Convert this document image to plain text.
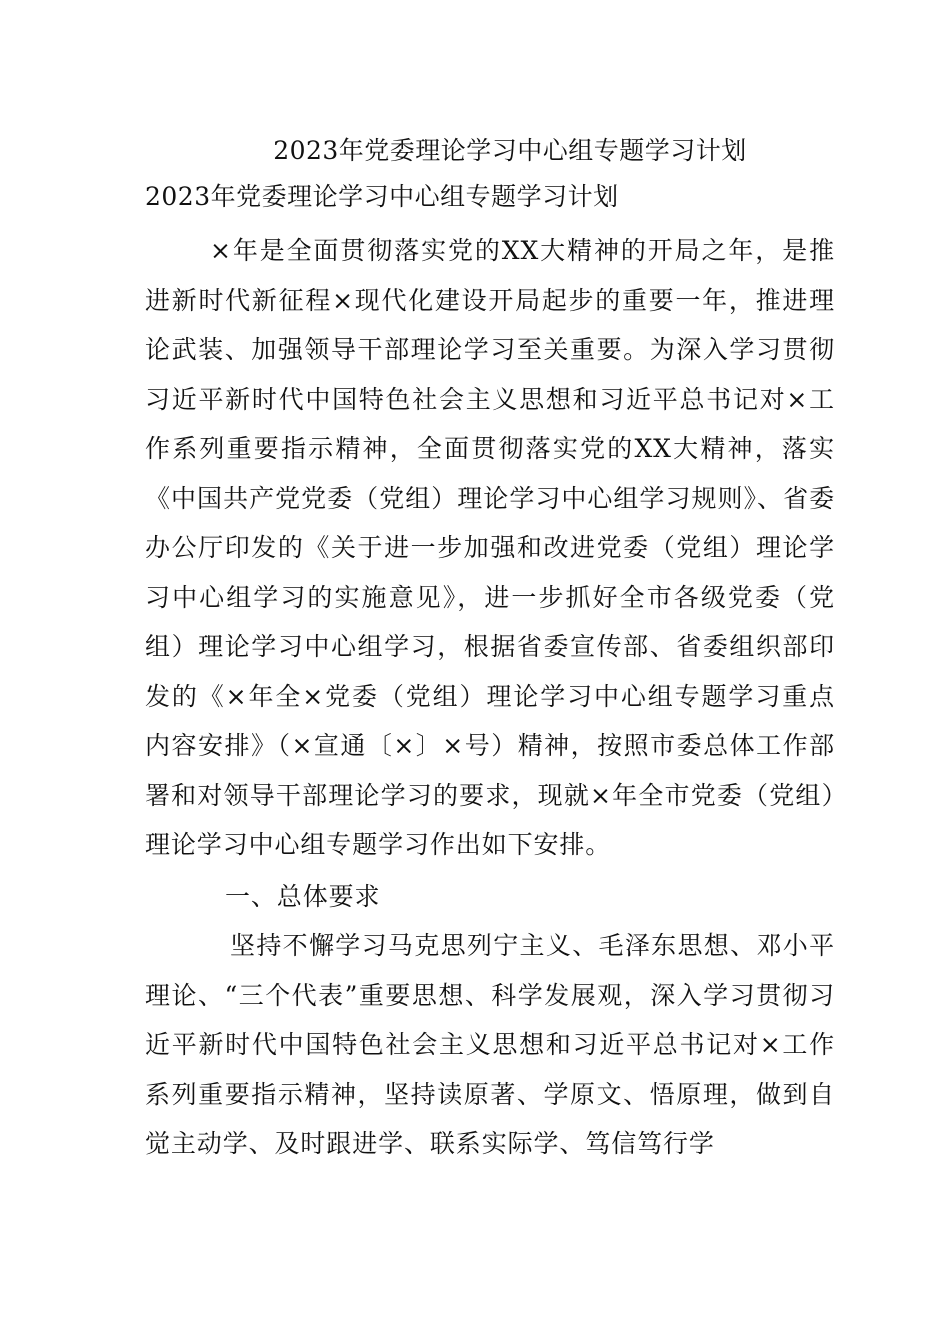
2023年党委理论学习中心组专题学习计划
2023年党委理论学习中心组专题学习计划

×年是全面贯彻落实党的XX大精神的开局之年，是推进新时代新征程×现代化建设开局起步的重要一年，推进理论武装、加强领导干部理论学习至关重要。为深入学习贯彻习近平新时代中国特色社会主义思想和习近平总书记对×工作系列重要指示精神，全面贯彻落实党的XX大精神，落实《中国共产党党委（党组）理论学习中心组学习规则》、省委办公厅印发的《关于进一步加强和改进党委（党组）理论学习中心组学习的实施意见》，进一步抓好全市各级党委（党组）理论学习中心组学习，根据省委宣传部、省委组织部印发的《×年全×党委（党组）理论学习中心组专题学习重点内容安排》（×宣通〔×〕×号）精神，按照市委总体工作部署和对领导干部理论学习的要求，现就×年全市党委（党组）理论学习中心组专题学习作出如下安排。

一、总体要求

坚持不懈学习马克思列宁主义、毛泽东思想、邓小平理论、“三个代表”重要思想、科学发展观，深入学习贯彻习近平新时代中国特色社会主义思想和习近平总书记对×工作系列重要指示精神，坚持读原著、学原文、悟原理，做到自觉主动学、及时跟进学、联系实际学、笃信笃行学
